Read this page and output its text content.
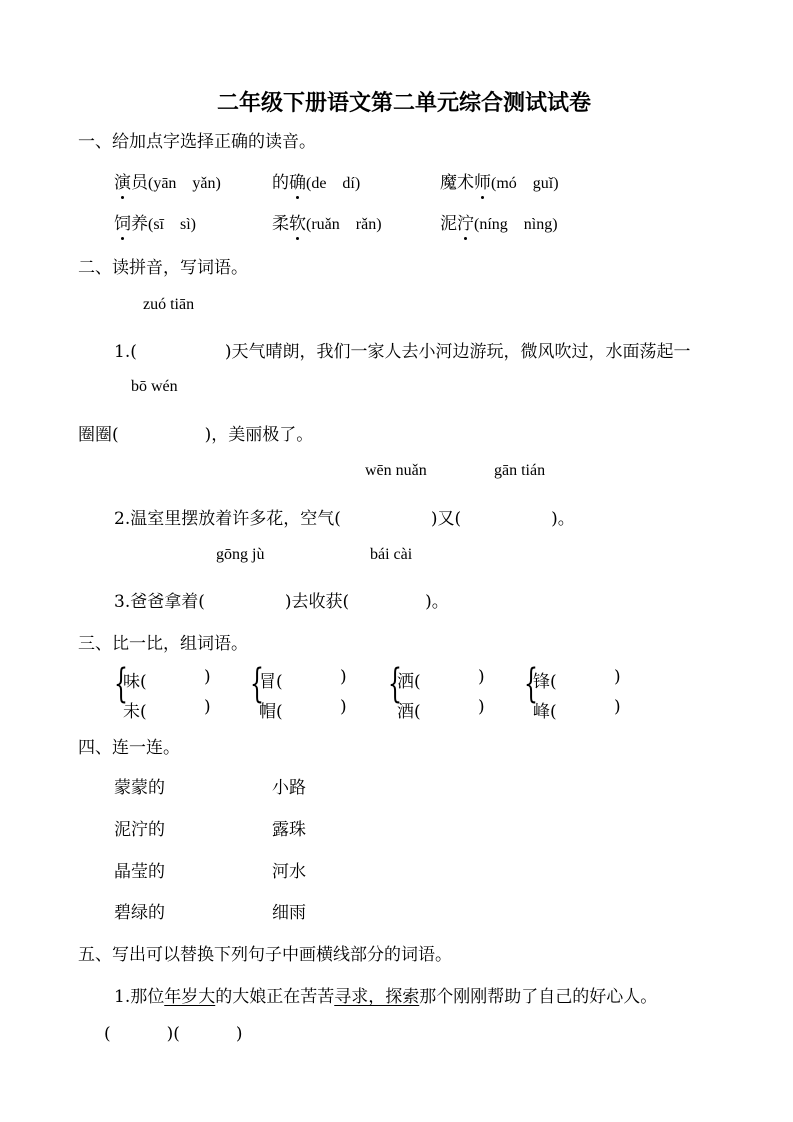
二年级下册语文第二单元综合测试试卷
一、给加点字选择正确的读音。
演员(yān　yǎn)	的确(de　dí)	魔术师(mó　guǐ)
饲养(sī　sì)	柔软(ruǎn　rǎn)	泥泞(níng　nìng)
二、读拼音，写词语。
zuó tiān
1.(	)天气晴朗，我们一家人去小河边游玩，微风吹过，水面荡起一
bō wén
圈圈(	)，美丽极了。
wēn nuǎn	gān tián
2.温室里摆放着许多花，空气(	)又(	)。
gōng jù	bái cài
3.爸爸拿着(	)去收获(	)。
三、比一比，组词语。
{
味(	)
未(	) {
冒(	)
帽(	) {
洒(	)
酒(	) {
锋(	)
峰(	)
四、连一连。
蒙蒙的	小路
泥泞的	露珠
晶莹的	河水
碧绿的	细雨
五、写出可以替换下列句子中画横线部分的词语。
1.那位年岁大的大娘正在苦苦寻求，探索那个刚刚帮助了自己的好心人。
(	)(	)
